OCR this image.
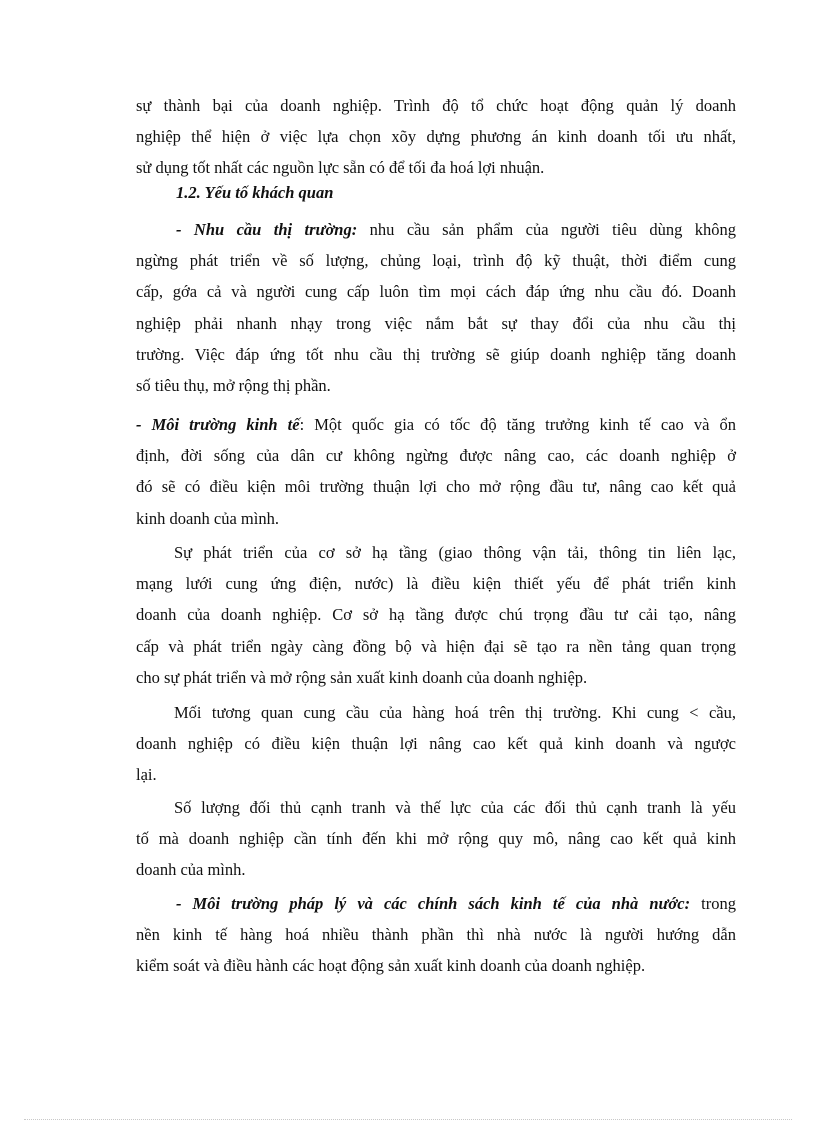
sự thành bại của doanh nghiệp. Trình độ tổ chức hoạt động quản lý doanh
nghiệp thể hiện ở việc lựa chọn xõy dựng phương án kinh doanh tối ưu nhất,
sử dụng tốt nhất các nguồn lực sẵn có để tối đa hoá lợi nhuận.

1.2. Yếu tố khách quan

- Nhu cầu thị trường: nhu cầu sản phẩm của người tiêu dùng không
ngừng phát triển về số lượng, chủng loại, trình độ kỹ thuật, thời điểm cung
cấp, gớa cả và người cung cấp luôn tìm mọi cách đáp ứng nhu cầu đó. Doanh
nghiệp phải nhanh nhạy trong việc nắm bắt sự thay đổi của nhu cầu thị
trường. Việc đáp ứng tốt nhu cầu thị trường sẽ giúp doanh nghiệp tăng doanh
số tiêu thụ, mở rộng thị phần.

- Môi trường kinh tế: Một quốc gia có tốc độ tăng trưởng kinh tế cao và ổn
định, đời sống của dân cư không ngừng được nâng cao, các doanh nghiệp ở
đó sẽ có điều kiện môi trường thuận lợi cho mở rộng đầu tư, nâng cao kết quả
kinh doanh của mình.

Sự phát triển của cơ sở hạ tầng (giao thông vận tải, thông tin liên lạc,
mạng lưới cung ứng điện, nước) là điều kiện thiết yếu để phát triển kinh
doanh của doanh nghiệp. Cơ sở hạ tầng được chú trọng đầu tư cải tạo, nâng
cấp và phát triển ngày càng đồng bộ và hiện đại sẽ tạo ra nền tảng quan trọng
cho sự phát triển và mở rộng sản xuất kinh doanh của doanh nghiệp.

Mối tương quan cung cầu của hàng hoá trên thị trường. Khi cung < cầu,
doanh nghiệp có điều kiện thuận lợi nâng cao kết quả kinh doanh và ngược
lại.

Số lượng đối thủ cạnh tranh và thế lực của các đối thủ cạnh tranh là yếu
tố mà doanh nghiệp cần tính đến khi mở rộng quy mô, nâng cao kết quả kinh
doanh của mình.

- Môi trường pháp lý và các chính sách kinh tế của nhà nước: trong
nền kinh tế hàng hoá nhiều thành phần thì nhà nước là người hướng dẫn
kiểm soát và điều hành các hoạt động sản xuất kinh doanh của doanh nghiệp.
